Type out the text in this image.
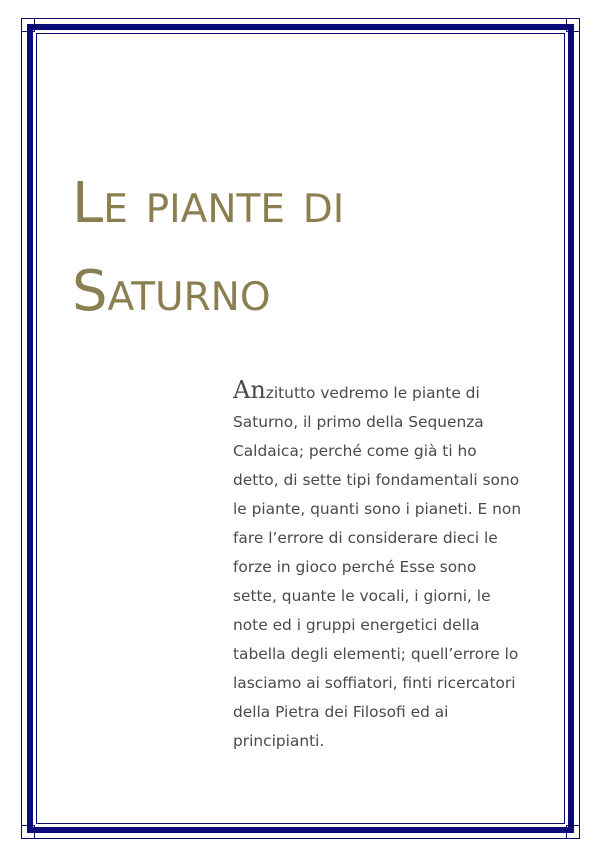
Le piante di
Saturno

Anzitutto vedremo le piante di
Saturno, il primo della Sequenza
Caldaica; perché come già ti ho
detto, di sette tipi fondamentali sono
le piante, quanti sono i pianeti. E non
fare l’errore di considerare dieci le
forze in gioco perché Esse sono
sette, quante le vocali, i giorni, le
note ed i gruppi energetici della
tabella degli elementi; quell’errore lo
lasciamo ai soffiatori, finti ricercatori
della Pietra dei Filosofi ed ai
principianti.
